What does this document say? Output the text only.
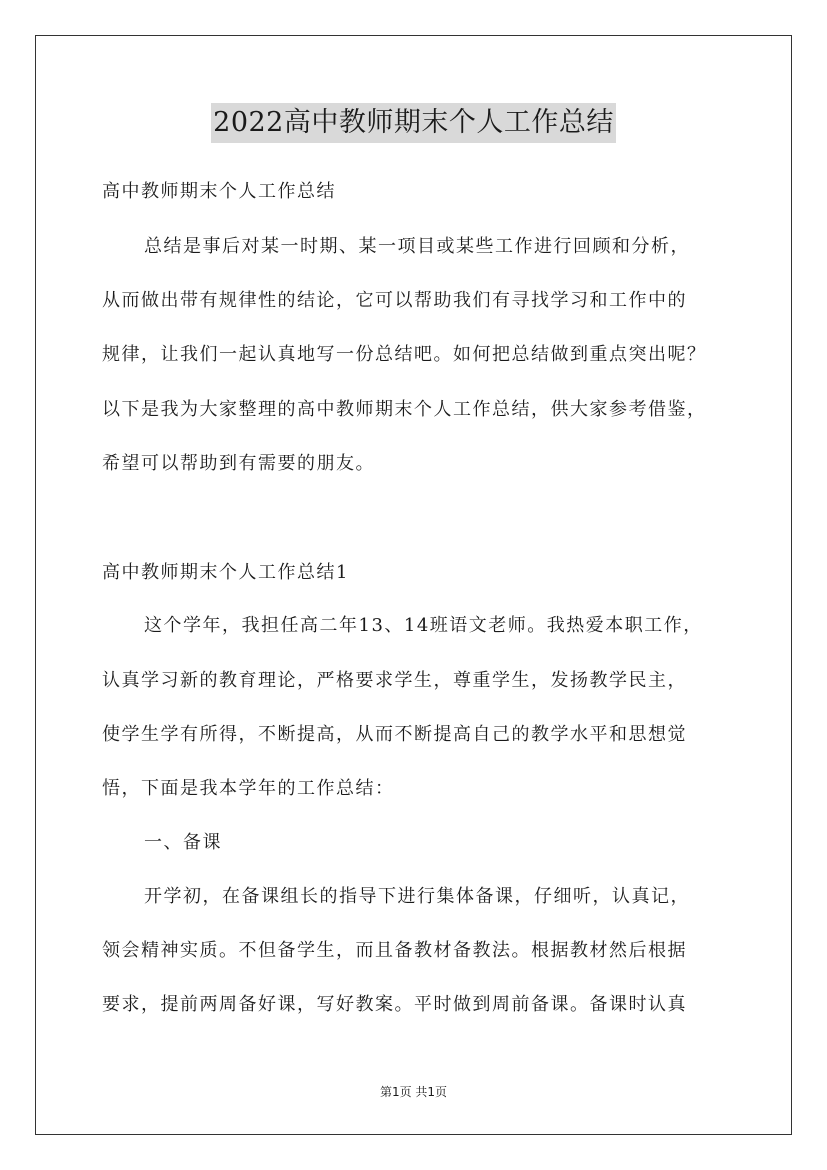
2022高中教师期末个人工作总结
高中教师期末个人工作总结
总结是事后对某一时期、某一项目或某些工作进行回顾和分析，
从而做出带有规律性的结论，它可以帮助我们有寻找学习和工作中的
规律，让我们一起认真地写一份总结吧。如何把总结做到重点突出呢？
以下是我为大家整理的高中教师期末个人工作总结，供大家参考借鉴，
希望可以帮助到有需要的朋友。
高中教师期末个人工作总结1
这个学年，我担任高二年13、14班语文老师。我热爱本职工作，
认真学习新的教育理论，严格要求学生，尊重学生，发扬教学民主，
使学生学有所得，不断提高，从而不断提高自己的教学水平和思想觉
悟，下面是我本学年的工作总结：
一、备课
开学初，在备课组长的指导下进行集体备课，仔细听，认真记，
领会精神实质。不但备学生，而且备教材备教法。根据教材然后根据
要求，提前两周备好课，写好教案。平时做到周前备课。备课时认真
第1页 共1页
